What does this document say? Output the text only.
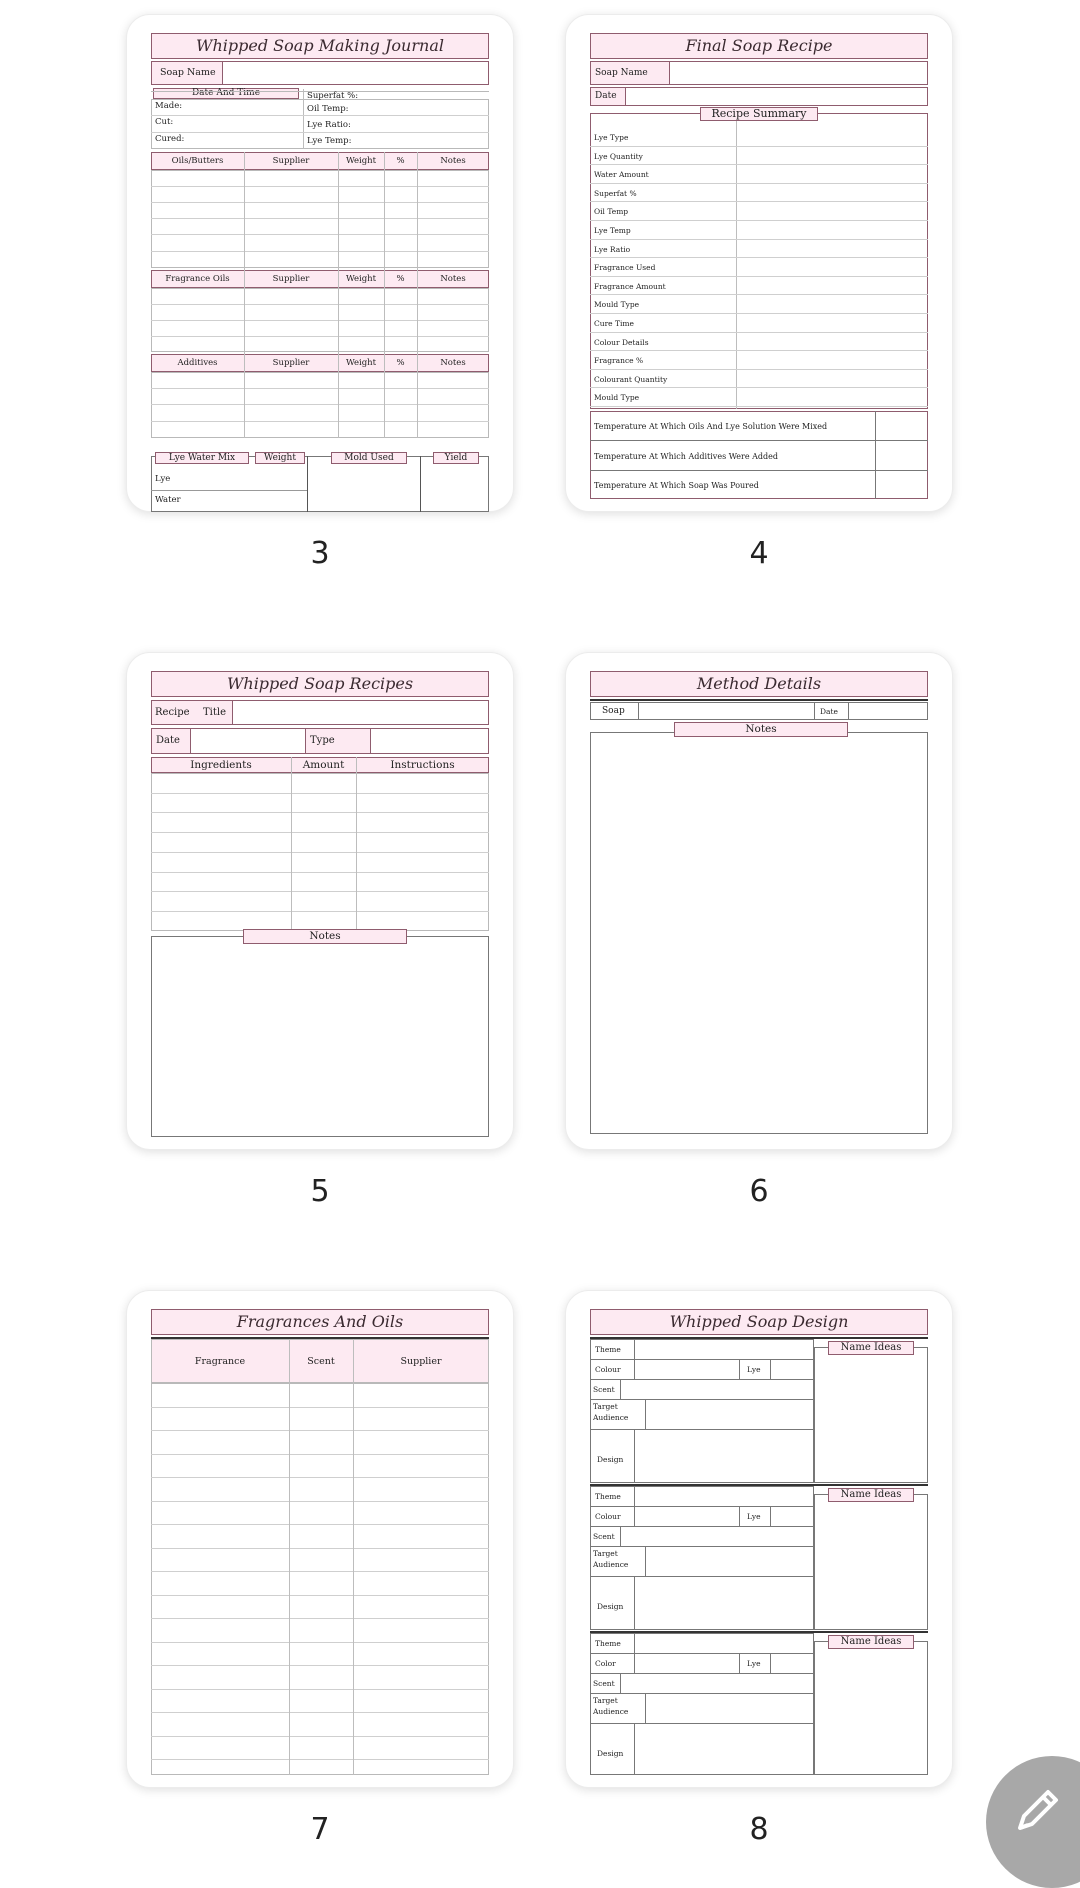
Whipped Soap Making Journal
Soap Name
Date And Time
Made:
Cut:
Cured:
Superfat %:
Oil Temp:
Lye Ratio:
Lye Temp:
Oils/Butters	Supplier	Weight	%	Notes
Fragrance Oils	Supplier	Weight	%	Notes
Additives	Supplier	Weight	%	Notes
Lye Water Mix	Weight	Mold Used	Yield
Lye
Water
3
Final Soap Recipe
Soap Name
Date
Recipe Summary
Lye Type
Lye Quantity
Water Amount
Superfat %
Oil Temp
Lye Temp
Lye Ratio
Fragrance Used
Fragrance Amount
Mould Type
Cure Time
Colour Details
Fragrance %
Colourant Quantity
Mould Type
Temperature At Which Oils And Lye Solution Were Mixed
Temperature At Which Additives Were Added
Temperature At Which Soap Was Poured
4
Whipped Soap Recipes
Recipe Title
Date	Type
Ingredients	Amount	Instructions
Notes
5
Method Details
Soap	Date
Notes
6
Fragrances And Oils
Fragrance	Scent	Supplier
7
Whipped Soap Design
Name Ideas
Theme
Colour	Lye
Scent
Target
Audience
Design
Name Ideas
Theme
Colour	Lye
Scent
Target
Audience
Design
Name Ideas
Theme
Color	Lye
Scent
Target
Audience
Design
8
